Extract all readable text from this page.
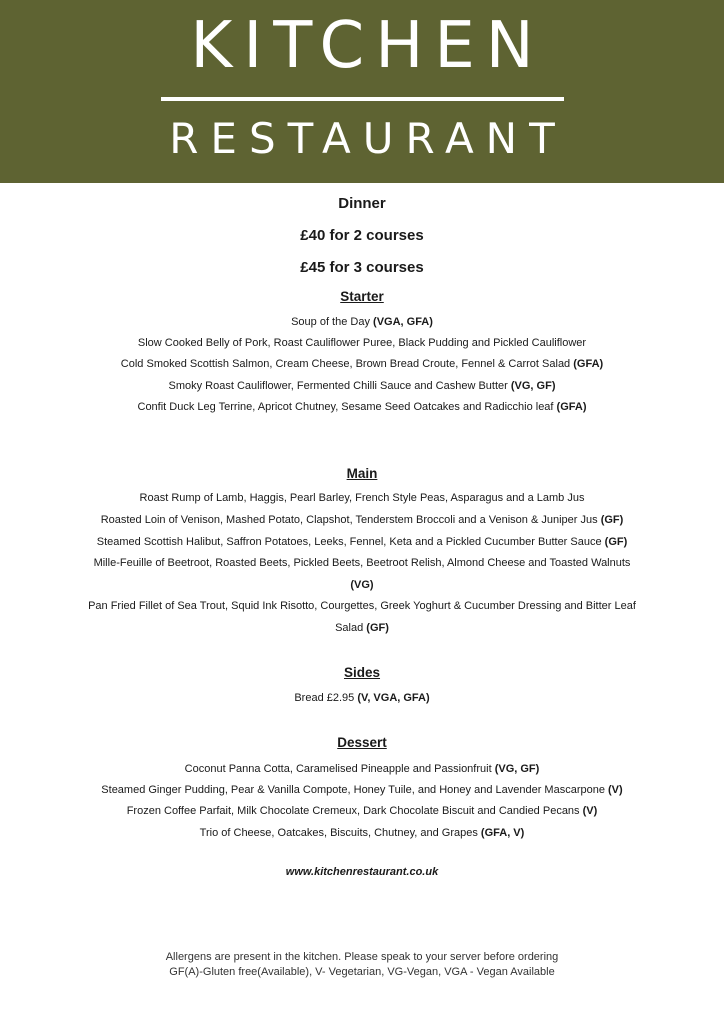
KITCHEN
RESTAURANT
Dinner
£40 for 2 courses
£45 for 3 courses
Starter
Soup of the Day (VGA, GFA)
Slow Cooked Belly of Pork, Roast Cauliflower Puree, Black Pudding and Pickled Cauliflower
Cold Smoked Scottish Salmon, Cream Cheese, Brown Bread Croute, Fennel & Carrot Salad (GFA)
Smoky Roast Cauliflower, Fermented Chilli Sauce and Cashew Butter (VG, GF)
Confit Duck Leg Terrine, Apricot Chutney, Sesame Seed Oatcakes and Radicchio leaf (GFA)
Main
Roast Rump of Lamb, Haggis, Pearl Barley, French Style Peas, Asparagus and a Lamb Jus
Roasted Loin of Venison, Mashed Potato, Clapshot, Tenderstem Broccoli and a Venison & Juniper Jus (GF)
Steamed Scottish Halibut, Saffron Potatoes, Leeks, Fennel, Keta and a Pickled Cucumber Butter Sauce (GF)
Mille-Feuille of Beetroot, Roasted Beets, Pickled Beets, Beetroot Relish, Almond Cheese and Toasted Walnuts
(VG)
Pan Fried Fillet of Sea Trout, Squid Ink Risotto, Courgettes, Greek Yoghurt & Cucumber Dressing and Bitter Leaf
Salad (GF)
Sides
Bread £2.95 (V, VGA, GFA)
Dessert
Coconut Panna Cotta, Caramelised Pineapple and Passionfruit (VG, GF)
Steamed Ginger Pudding, Pear & Vanilla Compote, Honey Tuile, and Honey and Lavender Mascarpone (V)
Frozen Coffee Parfait, Milk Chocolate Cremeux, Dark Chocolate Biscuit and Candied Pecans (V)
Trio of Cheese, Oatcakes, Biscuits, Chutney, and Grapes (GFA, V)
www.kitchenrestaurant.co.uk
Allergens are present in the kitchen. Please speak to your server before ordering
GF(A)-Gluten free(Available), V- Vegetarian, VG-Vegan, VGA - Vegan Available
